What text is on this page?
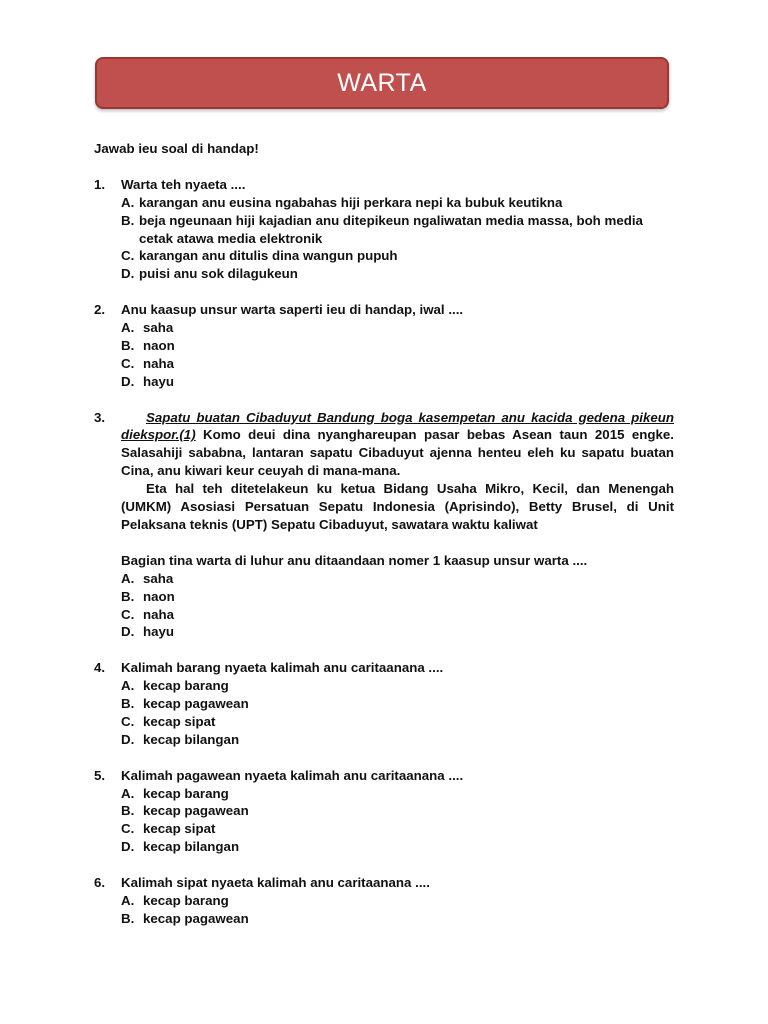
WARTA
Jawab ieu soal di handap!
1.	Warta teh nyaeta ....
A. karangan anu eusina ngabahas hiji perkara nepi ka bubuk keutikna
B. beja ngeunaan hiji kajadian anu ditepikeun ngaliwatan media massa, boh media cetak atawa media elektronik
C. karangan anu ditulis dina wangun pupuh
D. puisi anu sok dilagukeun
2.	Anu kaasup unsur warta saperti ieu di handap, iwal ....
A. saha
B. naon
C. naha
D. hayu
3.	Sapatu buatan Cibaduyut Bandung boga kasempetan anu kacida gedena pikeun diekspor.(1) Komo deui dina nyanghareupan pasar bebas Asean taun 2015 engke. Salasahiji sababna, lantaran sapatu Cibaduyut ajenna henteu eleh ku sapatu buatan Cina, anu kiwari keur ceuyah di mana-mana.
Eta hal teh ditetelakeun ku ketua Bidang Usaha Mikro, Kecil, dan Menengah (UMKM) Asosiasi Persatuan Sepatu Indonesia (Aprisindo), Betty Brusel, di Unit Pelaksana teknis (UPT) Sepatu Cibaduyut, sawatara waktu kaliwat
Bagian tina warta di luhur anu ditaandaan nomer 1 kaasup unsur warta ....
A. saha
B. naon
C. naha
D. hayu
4.	Kalimah barang nyaeta kalimah anu caritaanana ....
A. kecap barang
B. kecap pagawean
C. kecap sipat
D. kecap bilangan
5.	Kalimah pagawean nyaeta kalimah anu caritaanana ....
A. kecap barang
B. kecap pagawean
C. kecap sipat
D. kecap bilangan
6.	Kalimah sipat nyaeta kalimah anu caritaanana ....
A. kecap barang
B. kecap pagawean
